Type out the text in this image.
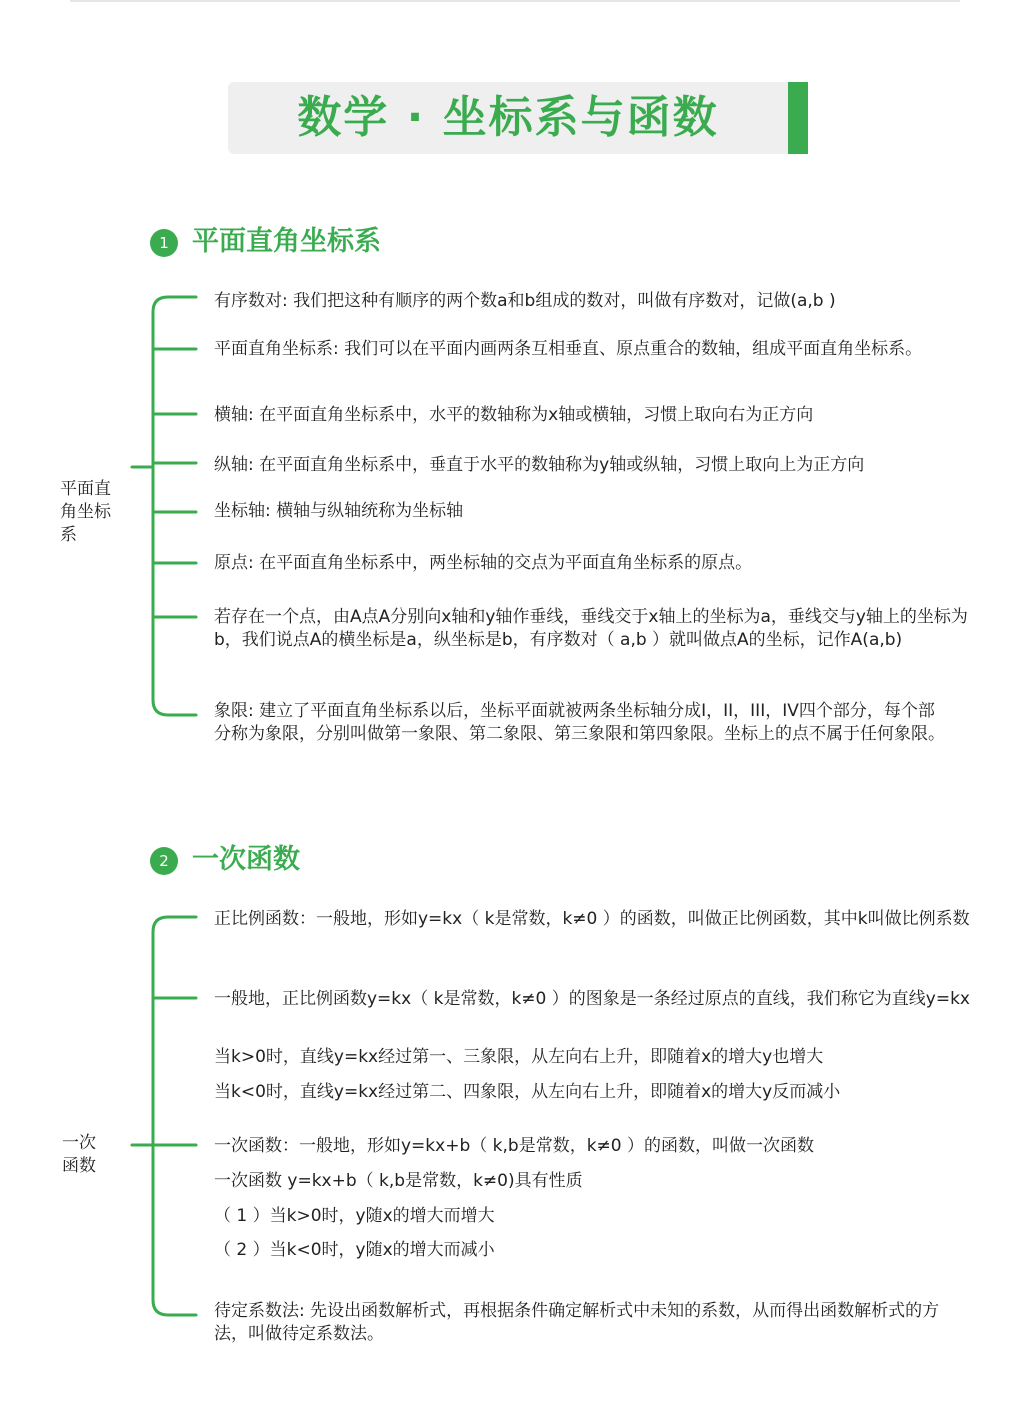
数学 · 坐标系与函数
1 平面直角坐标系
平面直
角坐标
系
有序数对: 我们把这种有顺序的两个数a和b组成的数对，叫做有序数对，记做(a,b )
平面直角坐标系: 我们可以在平面内画两条互相垂直、原点重合的数轴，组成平面直角坐标系。
横轴: 在平面直角坐标系中，水平的数轴称为x轴或横轴，习惯上取向右为正方向
纵轴: 在平面直角坐标系中，垂直于水平的数轴称为y轴或纵轴，习惯上取向上为正方向
坐标轴: 横轴与纵轴统称为坐标轴
原点: 在平面直角坐标系中，两坐标轴的交点为平面直角坐标系的原点。
若存在一个点，由A点A分别向x轴和y轴作垂线，垂线交于x轴上的坐标为a，垂线交与y轴上的坐标为b，我们说点A的横坐标是a，纵坐标是b，有序数对（ a,b ）就叫做点A的坐标，记作A(a,b)
象限: 建立了平面直角坐标系以后，坐标平面就被两条坐标轴分成I，II，III，IV四个部分，每个部分称为象限，分别叫做第一象限、第二象限、第三象限和第四象限。坐标上的点不属于任何象限。
2 一次函数
一次
函数
正比例函数：一般地，形如y=kx（ k是常数，k≠0 ）的函数，叫做正比例函数，其中k叫做比例系数
一般地，正比例函数y=kx（ k是常数，k≠0 ）的图象是一条经过原点的直线，我们称它为直线y=kx
当k>0时，直线y=kx经过第一、三象限，从左向右上升，即随着x的增大y也增大
当k<0时，直线y=kx经过第二、四象限，从左向右上升，即随着x的增大y反而减小
一次函数：一般地，形如y=kx+b（ k,b是常数，k≠0 ）的函数，叫做一次函数
一次函数 y=kx+b（ k,b是常数，k≠0)具有性质
（ 1 ）当k>0时，y随x的增大而增大
（ 2 ）当k<0时，y随x的增大而减小
待定系数法: 先设出函数解析式，再根据条件确定解析式中未知的系数，从而得出函数解析式的方法，叫做待定系数法。
